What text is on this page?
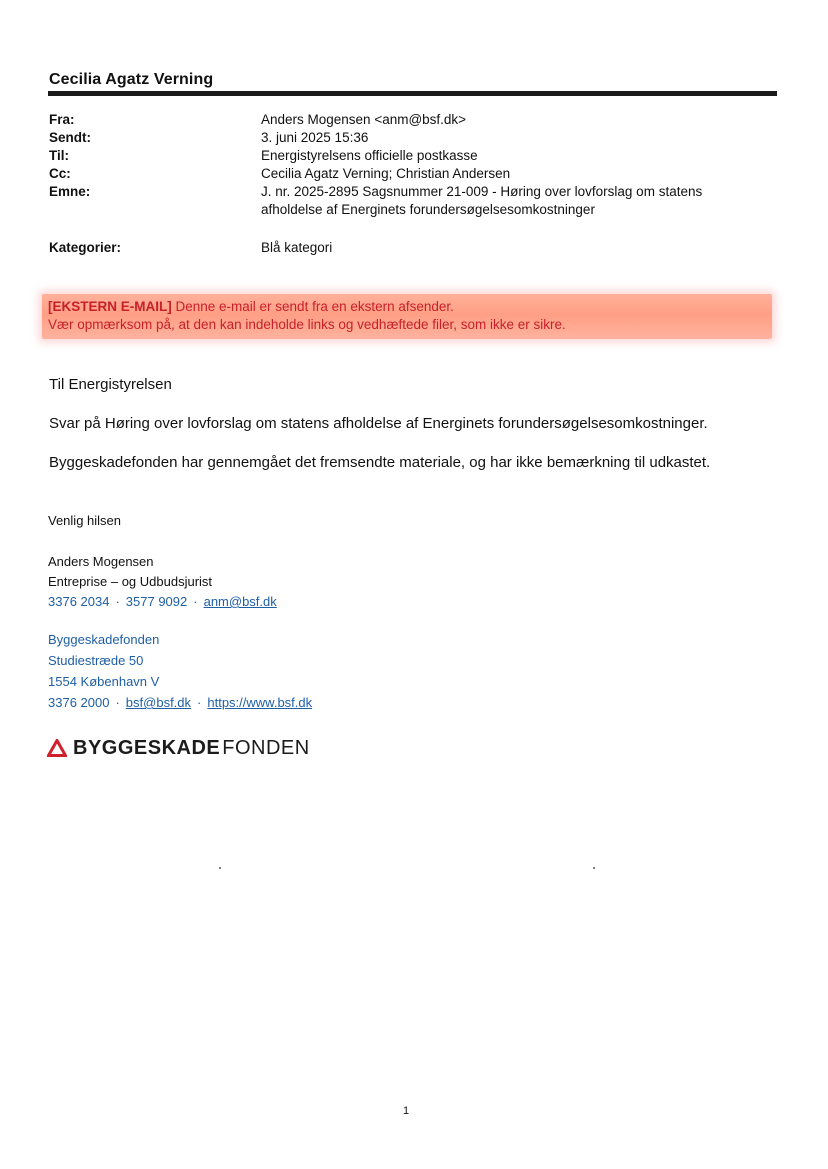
Cecilia Agatz Verning
Fra:	Anders Mogensen <anm@bsf.dk>
Sendt:	3. juni 2025 15:36
Til:	Energistyrelsens officielle postkasse
Cc:	Cecilia Agatz Verning; Christian Andersen
Emne:	J. nr. 2025-2895 Sagsnummer 21-009 - Høring over lovforslag om statens
afholdelse af Energinets forundersøgelsesomkostninger
Kategorier:	Blå kategori
[EKSTERN E-MAIL] Denne e-mail er sendt fra en ekstern afsender.
Vær opmærksom på, at den kan indeholde links og vedhæftede filer, som ikke er sikre.
Til Energistyrelsen
Svar på Høring over lovforslag om statens afholdelse af Energinets forundersøgelsesomkostninger.
Byggeskadefonden har gennemgået det fremsendte materiale, og har ikke bemærkning til udkastet.
Venlig hilsen
Anders Mogensen
Entreprise – og Udbudsjurist
3376 2034 · 3577 9092 · anm@bsf.dk
Byggeskadefonden
Studiestræde 50
1554 København V
3376 2000 · bsf@bsf.dk · https://www.bsf.dk
BYGGESKADE FONDEN
1
